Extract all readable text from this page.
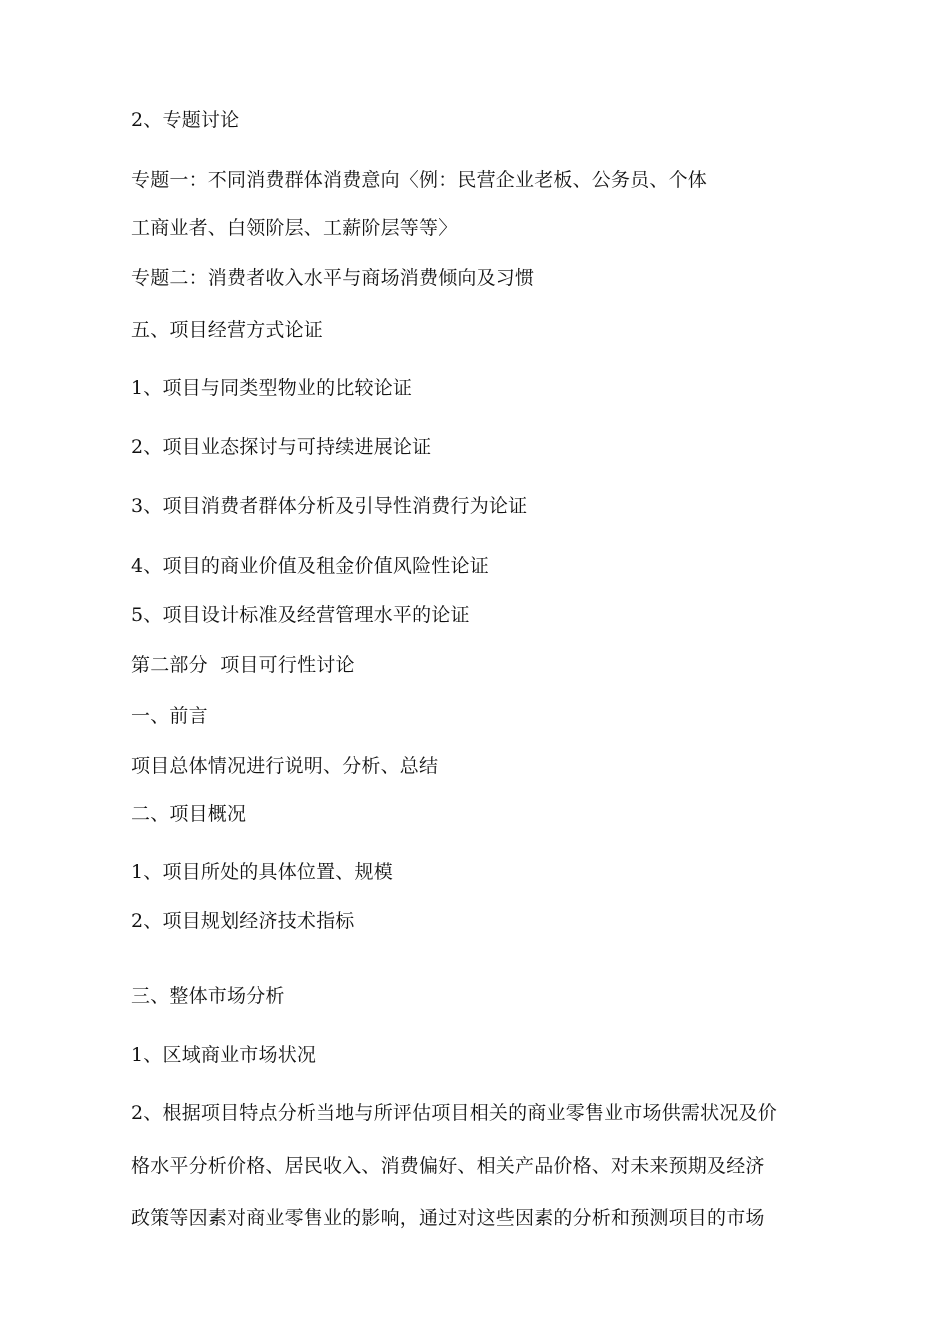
2、专题讨论
专题一：不同消费群体消费意向〈例：民营企业老板、公务员、个体
工商业者、白领阶层、工薪阶层等等〉
专题二：消费者收入水平与商场消费倾向及习惯
五、项目经营方式论证
1、项目与同类型物业的比较论证
2、项目业态探讨与可持续进展论证
3、项目消费者群体分析及引导性消费行为论证
4、项目的商业价值及租金价值风险性论证
5、项目设计标准及经营管理水平的论证
第二部分  项目可行性讨论
一、前言
项目总体情况进行说明、分析、总结
二、项目概况
1、项目所处的具体位置、规模
2、项目规划经济技术指标
三、整体市场分析
1、区域商业市场状况
2、根据项目特点分析当地与所评估项目相关的商业零售业市场供需状况及价
格水平分析价格、居民收入、消费偏好、相关产品价格、对未来预期及经济
政策等因素对商业零售业的影响，通过对这些因素的分析和预测项目的市场
